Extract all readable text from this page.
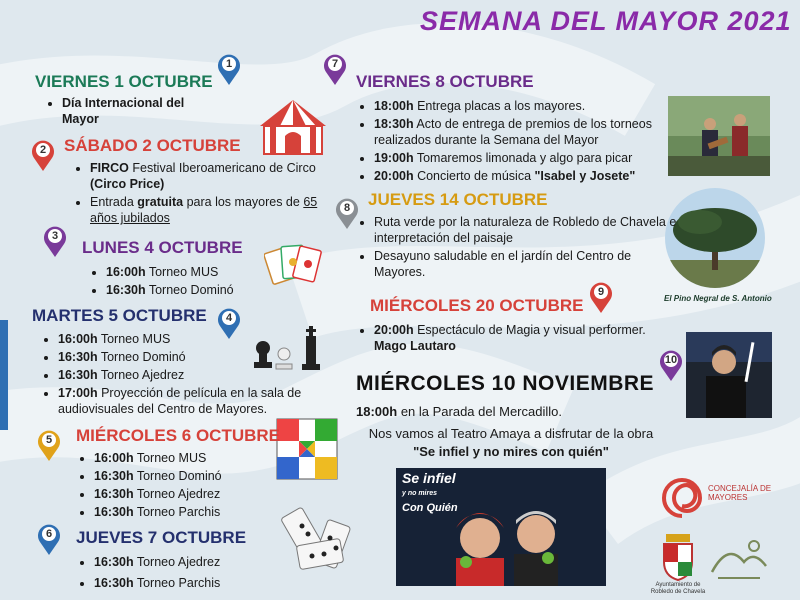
SEMANA DEL MAYOR 2021
VIERNES 1 OCTUBRE
• Día Internacional del Mayor
1
SÁBADO 2 OCTUBRE
• FIRCO Festival Iberoamericano de Circo (Circo Price)
• Entrada gratuita para los mayores de 65 años jubilados
2
LUNES 4 OCTUBRE
• 16:00h Torneo MUS
• 16:30h Torneo Dominó
3
MARTES 5 OCTUBRE
• 16:00h Torneo MUS
• 16:30h Torneo Dominó
• 16:30h Torneo Ajedrez
• 17:00h Proyección de película en la sala de audiovisuales del Centro de Mayores.
4
MIÉRCOLES 6 OCTUBRE
• 16:00h Torneo MUS
• 16:30h Torneo Dominó
• 16:30h Torneo Ajedrez
• 16:30h Torneo Parchis
5
JUEVES 7 OCTUBRE
• 16:30h Torneo Ajedrez
• 16:30h Torneo Parchis
6
VIERNES 8 OCTUBRE
• 18:00h Entrega placas a los mayores.
• 18:30h Acto de entrega de premios de los torneos realizados durante la Semana del Mayor
• 19:00h Tomaremos limonada y algo para picar
• 20:00h Concierto de música "Isabel y Josete"
7
JUEVES 14 OCTUBRE
• Ruta verde por la naturaleza de Robledo de Chavela e interpretación del paisaje
• Desayuno saludable en el jardín del Centro de Mayores.
8
El Pino Negral de S. Antonio
MIÉRCOLES 20 OCTUBRE
• 20:00h Espectáculo de Magia y visual performer. Mago Lautaro
9
10
MIÉRCOLES 10 NOVIEMBRE
18:00h en la Parada del Mercadillo.
Nos vamos al Teatro Amaya a disfrutar de la obra
"Se infiel y no mires con quién"
Se infiel
y no mires
Con Quién
CONCEJALÍA DE MAYORES
Ayuntamiento de
Robledo de Chavela
